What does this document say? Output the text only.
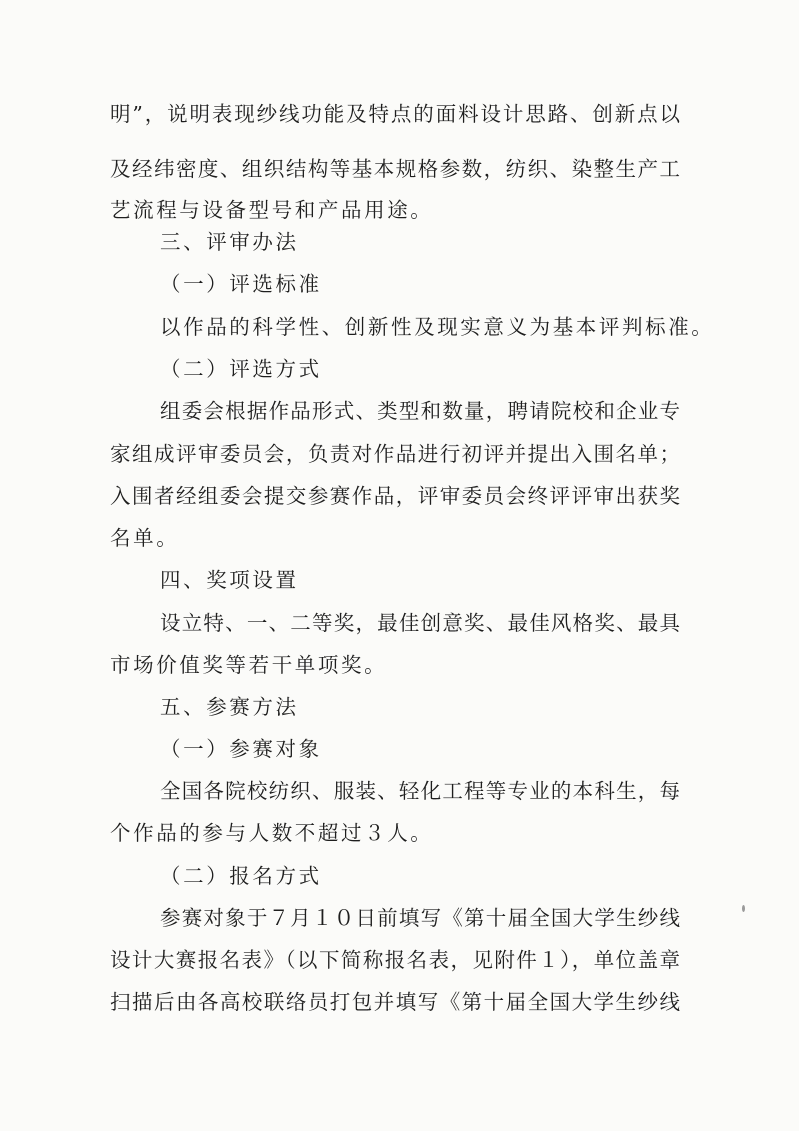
明”，说明表现纱线功能及特点的面料设计思路、创新点以
及经纬密度、组织结构等基本规格参数，纺织、染整生产工
艺流程与设备型号和产品用途。
三、评审办法
（一）评选标准
以作品的科学性、创新性及现实意义为基本评判标准。
（二）评选方式
组委会根据作品形式、类型和数量，聘请院校和企业专
家组成评审委员会，负责对作品进行初评并提出入围名单；
入围者经组委会提交参赛作品，评审委员会终评评审出获奖
名单。
四、奖项设置
设立特、一、二等奖，最佳创意奖、最佳风格奖、最具
市场价值奖等若干单项奖。
五、参赛方法
（一）参赛对象
全国各院校纺织、服装、轻化工程等专业的本科生，每
个作品的参与人数不超过３人。
（二）报名方式
参赛对象于７月１０日前填写《第十届全国大学生纱线
设计大赛报名表》（以下简称报名表，见附件１），单位盖章
扫描后由各高校联络员打包并填写《第十届全国大学生纱线
